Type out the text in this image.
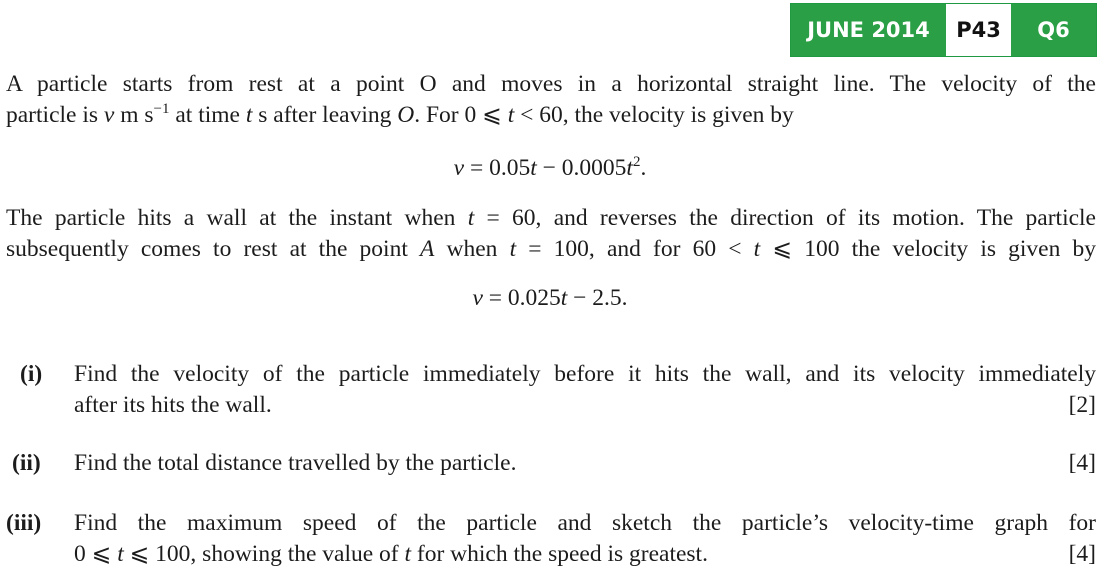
JUNE 2014	P43	Q6
A particle starts from rest at a point O and moves in a horizontal straight line. The velocity of the
particle is v m $s^{-1}$ at time t s after leaving O. For 0 ⩽ t < 60, the velocity is given by
$v = 0.05t - 0.0005t^2$.
The particle hits a wall at the instant when t = 60, and reverses the direction of its motion. The particle
subsequently comes to rest at the point A when t = 100, and for 60 < t ⩽ 100 the velocity is given by
v = 0.025t − 2.5.
(i)	Find the velocity of the particle immediately before it hits the wall, and its velocity immediately
after its hits the wall.	[2]
(ii)	Find the total distance travelled by the particle.	[4]
(iii)	Find the maximum speed of the particle and sketch the particle’s velocity-time graph for
0 ⩽ t ⩽ 100, showing the value of t for which the speed is greatest.	[4]
